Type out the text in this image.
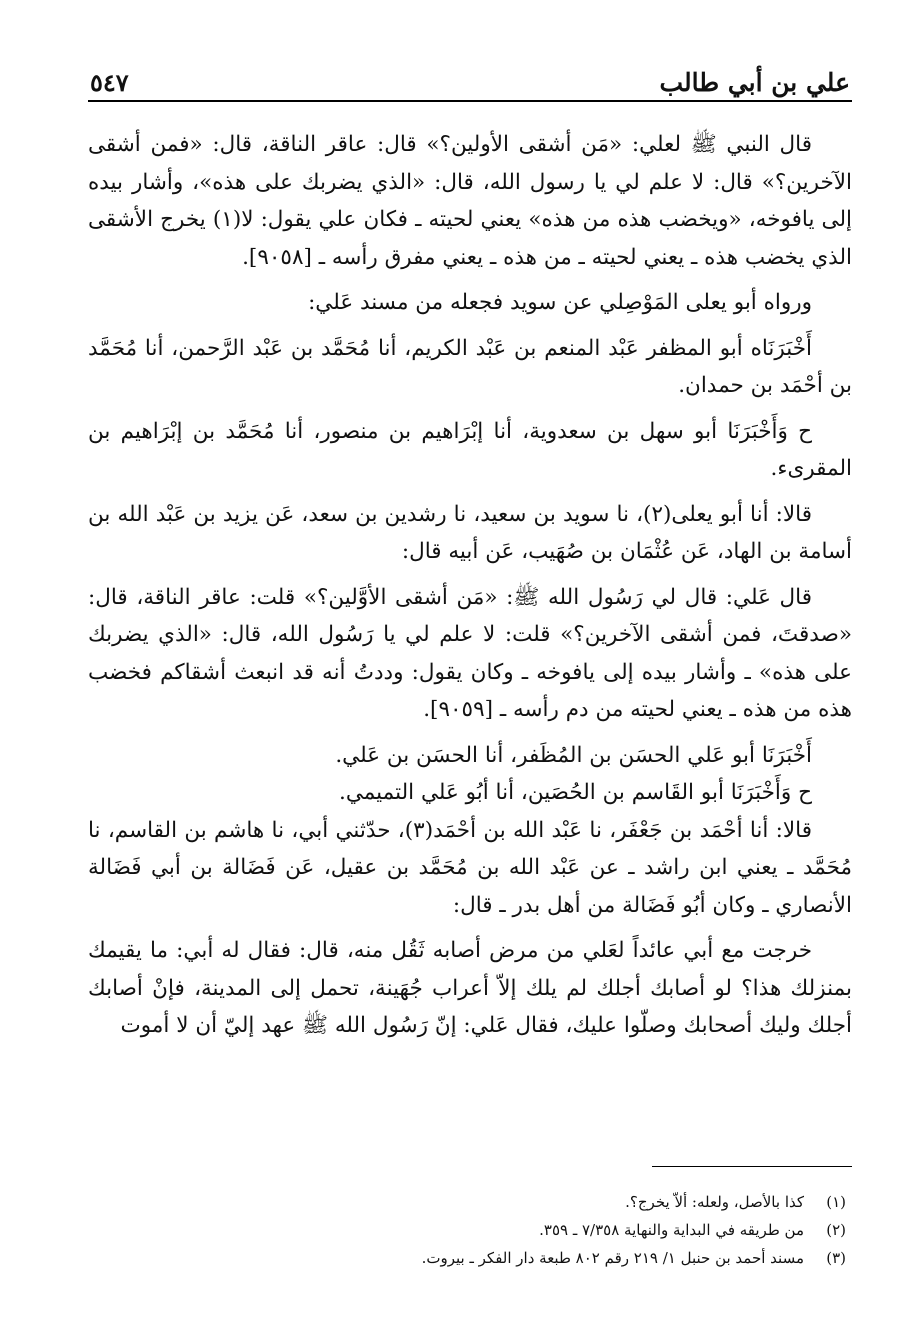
علي بن أبي طالب
٥٤٧

قال النبي ﷺ لعلي: «مَن أشقى الأولين؟» قال: عاقر الناقة، قال: «فمن أشقى الآخرين؟» قال: لا علم لي يا رسول الله، قال: «الذي يضربك على هذه»، وأشار بيده إلى يافوخه، «ويخضب هذه من هذه» يعني لحيته ـ فكان علي يقول: لا(١) يخرج الأشقى الذي يخضب هذه ـ يعني لحيته ـ من هذه ـ يعني مفرق رأسه ـ [٩٠٥٨].

ورواه أبو يعلى المَوْصِلي عن سويد فجعله من مسند عَلي:

أَخْبَرَنَاه أبو المظفر عَبْد المنعم بن عَبْد الكريم، أنا مُحَمَّد بن عَبْد الرَّحمن، أنا مُحَمَّد بن أحْمَد بن حمدان.

ح وَأَخْبَرَنَا أبو سهل بن سعدوية، أنا إبْرَاهيم بن منصور، أنا مُحَمَّد بن إبْرَاهيم بن المقرىء.

قالا: أنا أبو يعلى(٢)، نا سويد بن سعيد، نا رشدين بن سعد، عَن يزيد بن عَبْد الله بن أسامة بن الهاد، عَن عُثْمَان بن صُهَيب، عَن أبيه قال:

قال عَلي: قال لي رَسُول الله ﷺ: «مَن أشقى الأوَّلين؟» قلت: عاقر الناقة، قال: «صدقتَ، فمن أشقى الآخرين؟» قلت: لا علم لي يا رَسُول الله، قال: «الذي يضربك على هذه» ـ وأشار بيده إلى يافوخه ـ وكان يقول: وددتُ أنه قد انبعث أشقاكم فخضب هذه من هذه ـ يعني لحيته من دم رأسه ـ [٩٠٥٩].

أَخْبَرَنَا أبو عَلي الحسَن بن المُظَفر، أنا الحسَن بن عَلي.

ح وَأَخْبَرَنَا أبو القَاسم بن الحُصَين، أنا أبُو عَلي التميمي.

قالا: أنا أحْمَد بن جَعْفَر، نا عَبْد الله بن أحْمَد(٣)، حدّثني أبي، نا هاشم بن القاسم، نا مُحَمَّد ـ يعني ابن راشد ـ عن عَبْد الله بن مُحَمَّد بن عقيل، عَن فَضَالة بن أبي فَضَالة الأنصاري ـ وكان أبُو فَضَالة من أهل بدر ـ قال:

خرجت مع أبي عائداً لعَلي من مرض أصابه ثَقُل منه، قال: فقال له أبي: ما يقيمك بمنزلك هذا؟ لو أصابك أجلك لم يلك إلاّ أعراب جُهَينة، تحمل إلى المدينة، فإنْ أصابك أجلك وليك أصحابك وصلّوا عليك، فقال عَلي: إنّ رَسُول الله ﷺ عهد إليّ أن لا أموت

(١)
كذا بالأصل، ولعله: ألاّ يخرج؟.

(٢)
من طريقه في البداية والنهاية ٧/٣٥٨ ـ ٣٥٩.

(٣)
مسند أحمد بن حنبل ١/ ٢١٩ رقم ٨٠٢ طبعة دار الفكر ـ بيروت.
